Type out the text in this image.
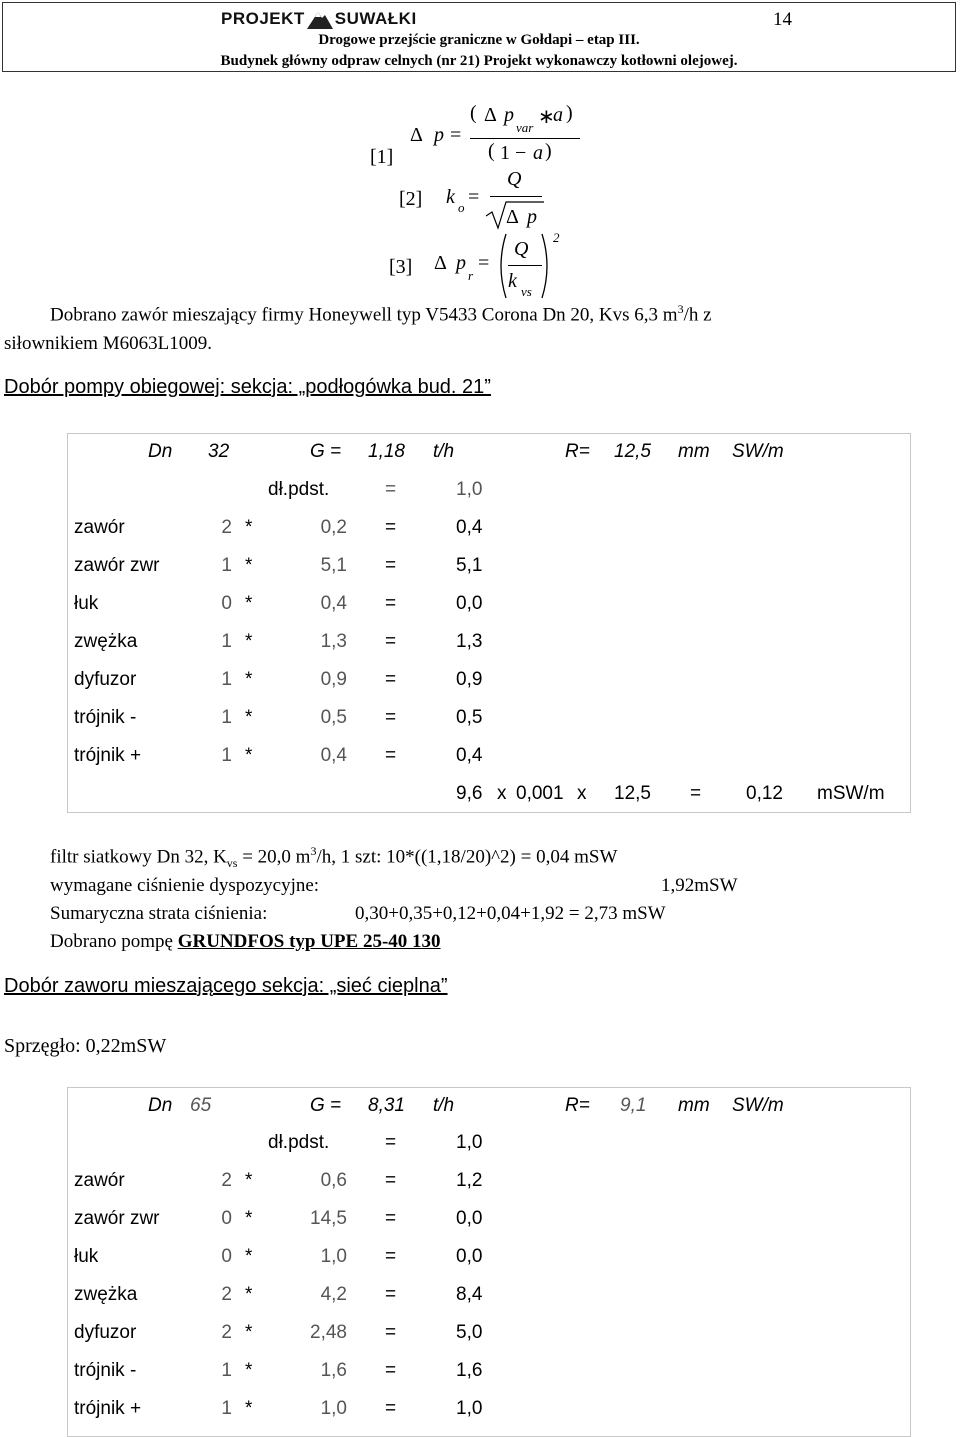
PROJEKT SUWAŁKI	14
Drogowe przejście graniczne w Gołdapi – etap III.
Budynek główny odpraw celnych (nr 21) Projekt wykonawczy kotłowni olejowej.
[1]
Δ p =
( Δ p
var ∗
a )
( 1 − a )
[2] k o =
Q
Δ p
[3] Δ p
r
=
Q
k vs
2
Dobrano zawór mieszający firmy Honeywell typ V5433 Corona Dn 20, Kvs 6,3 $m^3/h$ z
siłownikiem M6063L1009.
Dobór pompy obiegowej: sekcja: „podłogówka bud. 21”
Dn 32	G = 1,18 t/h	R= 12,5 mm SW/m
dł.pdst.	=	1,0
zawór	2 *	0,2 =	0,4
zawór zwr	1 *	5,1 =	5,1
łuk	0 *	0,4 =	0,0
zwężka	1 *	1,3 =	1,3
dyfuzor	1 *	0,9 =	0,9
trójnik -	1 *	0,5 =	0,5
trójnik +	1 *	0,4 =	0,4
9,6 x 0,001 x 12,5 = 0,12 mSW/m
filtr siatkowy Dn 32, $K_{vs} = 20,0$ $m^3/h$, 1 szt: 10*((1,18/20)^2) = 0,04 mSW
wymagane ciśnienie dyspozycyjne:	1,92mSW
Sumaryczna strata ciśnienia:	0,30+0,35+0,12+0,04+1,92 = 2,73 mSW
Dobrano pompę GRUNDFOS typ UPE 25-40 130
Dobór zaworu mieszającego sekcja: „sieć cieplna”
Sprzęgło: 0,22mSW
Dn 65	G = 8,31 t/h	R= 9,1 mm SW/m
dł.pdst.	=	1,0
zawór	2 *	0,6 =	1,2
zawór zwr	0 *	14,5 =	0,0
łuk	0 *	1,0 =	0,0
zwężka	2 *	4,2 =	8,4
dyfuzor	2 *	2,48 =	5,0
trójnik -	1 *	1,6 =	1,6
trójnik +	1 *	1,0 =	1,0
